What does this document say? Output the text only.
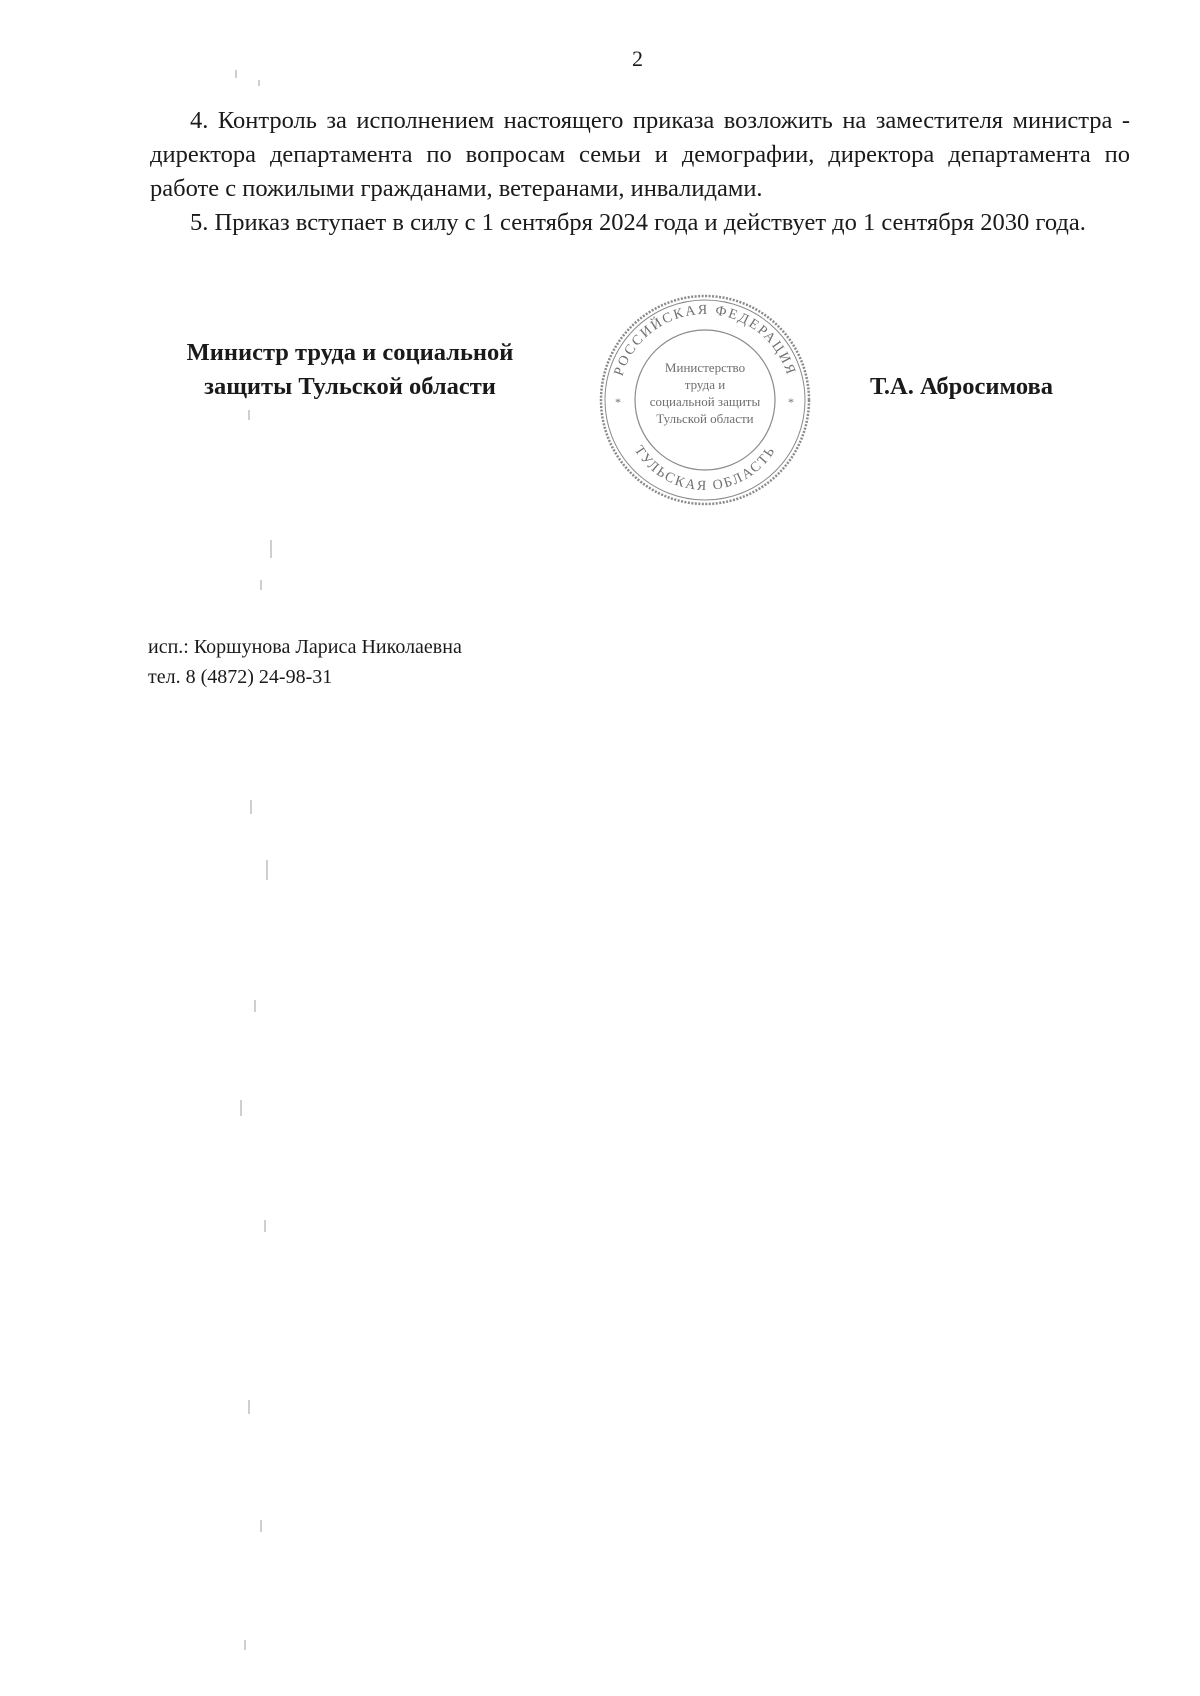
2

4. Контроль за исполнением настоящего приказа возложить на заместителя министра - директора департамента по вопросам семьи и демографии, директора департамента по работе с пожилыми гражданами, ветеранами, инвалидами.

5. Приказ вступает в силу с 1 сентября 2024 года и действует до 1 сентября 2030 года.

Министр труда и социальной
защиты Тульской области
РОССИЙСКАЯ ФЕДЕРАЦИЯ
ТУЛЬСКАЯ ОБЛАСТЬ
*	*
Министерство
труда и
социальной защиты
Тульской области
Т.А. Абросимова
исп.: Коршунова Лариса Николаевна
тел. 8 (4872) 24-98-31
